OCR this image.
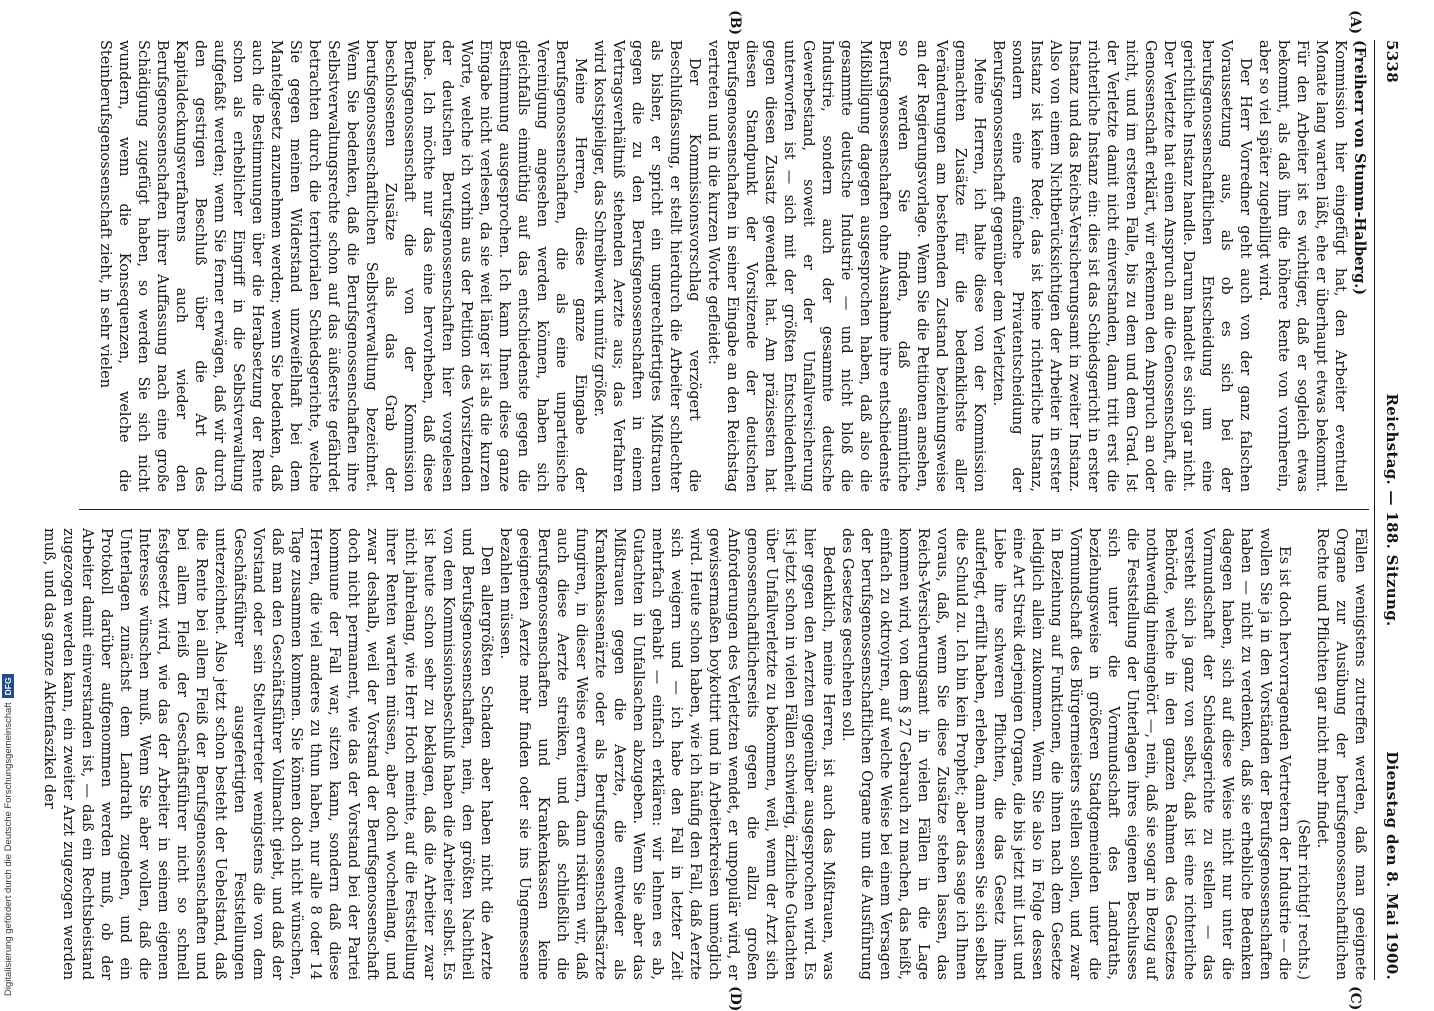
5338
Reichstag. — 188. Sitzung.
Dienstag den 8. Mai 1900.
(Freiherr von Stumm-Halberg.)

Kommission hier eingefügt hat, den Arbeiter eventuell Monate lang warten läßt, ehe er überhaupt etwas bekommt. Für den Arbeiter ist es wichtiger, daß er sogleich etwas bekommt, als daß ihm die höhere Rente von vornherein, aber so viel später zugebilligt wird.

Der Herr Vorredner geht auch von der ganz falschen Voraussetzung aus, als ob es sich bei der berufsgenossenschaftlichen Entscheidung um eine gerichtliche Instanz handle. Darum handelt es sich gar nicht. Der Verletzte hat einen Anspruch an die Genossenschaft, die Genossenschaft erklärt, wir erkennen den Anspruch an oder nicht, und im ersteren Falle, bis zu dem und dem Grad. Ist der Verletzte damit nicht einverstanden, dann tritt erst die richterliche Instanz ein: dies ist das Schiedsgericht in erster Instanz und das Reichs-Versicherungsamt in zweiter Instanz. Also von einem Nichtberücksichtigen der Arbeiter in erster Instanz ist keine Rede; das ist keine richterliche Instanz, sondern eine einfache Privatentscheidung der Berufsgenossenschaft gegenüber dem Verletzten.

Meine Herren, ich halte diese von der Kommission gemachten Zusätze für die bedenklichste aller Veränderungen am bestehenden Zustand beziehungsweise an der Regierungsvorlage. Wenn Sie die Petitionen ansehen, so werden Sie finden, daß sämmtliche Berufsgenossenschaften ohne Ausnahme ihre entschiedenste Mißbilligung dagegen ausgesprochen haben, daß also die gesammte deutsche Industrie — und nicht bloß die Industrie, sondern auch der gesammte deutsche Gewerbestand, soweit er der Unfallversicherung unterworfen ist — sich mit der größten Entschiedenheit gegen diesen Zusatz gewendet hat. Am präzisesten hat diesen Standpunkt der Vorsitzende der deutschen Berufsgenossenschaften in seiner Eingabe an den Reichstag vertreten und in die kurzen Worte gefleidet:

Der Kommissionsvorschlag verzögert die Beschlußfassung, er stellt hierdurch die Arbeiter schlechter als bisher, er spricht ein ungerechtfertigtes Mißtrauen gegen die zu den Berufsgenossenschaften in einem Vertragsverhältniß stehenden Aerzte aus; das Verfahren wird kostspieliger, das Schreibwerk unnütz größer.

Meine Herren, diese ganze Eingabe der Berufsgenossenschaften, die als eine unparteiische Vereinigung angesehen werden können, haben sich gleichfalls einmüthig auf das entschiedenste gegen die Bestimmung ausgesprochen. Ich kann Ihnen diese ganze Eingabe nicht verlesen, da sie weit länger ist als die kurzen Worte, welche ich vorhin aus der Petition des Vorsitzenden der deutschen Berufsgenossenschaften hier vorgelesen habe. Ich möchte nur das eine hervorheben, daß diese Berufsgenossenschaft die von der Kommission beschlossenen Zusätze als das Grab der berufsgenossenschaftlichen Selbstverwaltung bezeichnet. Wenn Sie bedenken, daß die Berufsgenossenschaften ihre Selbstverwaltungsrechte schon auf das äußerste gefährdet betrachten durch die territorialen Schiedsgerichte, welche Sie gegen meinen Widerstand unzweifelhaft bei dem Mantelgesetz anzunehmen werden; wenn Sie bedenken, daß auch die Bestimmungen über die Herabsetzung der Rente schon als erheblicher Eingriff in die Selbstverwaltung aufgefaßt werden; wenn Sie ferner erwägen, daß wir durch den gestrigen Beschluß über die Art des Kapitaldeckungsverfahrens auch wieder den Berufsgenossenschaften ihrer Auffassung nach eine große Schädigung zugefügt haben, so werden Sie sich nicht wundern, wenn die Konsequenzen, welche die Steinberufsgenossenschaft zieht, in sehr vielen

Fällen wenigstens zutreffen werden, daß man geeignete Organe zur Ausübung der berufsgenossenschaftlichen Rechte und Pflichten gar nicht mehr findet.

(Sehr richtig! rechts.)

Es ist doch hervorragenden Vertretern der Industrie — die wollen Sie ja in den Vorständen der Berufsgenossenschaften haben — nicht zu verdenken, daß sie erhebliche Bedenken dagegen haben, sich auf diese Weise nicht nur unter die Vormundschaft der Schiedsgerichte zu stellen — das versteht sich ja ganz von selbst, daß ist eine richterliche Behörde, welche in den ganzen Rahmen des Gesetzes nothwendig hineingehört —, nein, daß sie sogar in Bezug auf die Feststellung der Unterlagen ihres eigenen Beschlusses sich unter die Vormundschaft des Landraths, beziehungsweise in größeren Stadtgemeinden unter die Vormundschaft des Bürgermeisters stellen sollen, und zwar in Beziehung auf Funktionen, die ihnen nach dem Gesetze lediglich allein zukommen. Wenn Sie also in Folge dessen eine Art Streik derjenigen Organe, die bis jetzt mit Lust und Liebe ihre schweren Pflichten, die das Gesetz ihnen auferlegt, erfüllt haben, erleben, dann messen Sie sich selbst die Schuld zu. Ich bin kein Prophet; aber das sage ich Ihnen voraus, daß, wenn Sie diese Zusätze stehen lassen, das Reichs-Versicherungsamt in vielen Fällen in die Lage kommen wird, von dem § 27 Gebrauch zu machen, das heißt, einfach zu oktroyiren, auf welche Weise bei einem Versagen der berufsgenossenschaftlichen Organe nun die Ausführung des Gesetzes geschehen soll.

Bedenklich, meine Herren, ist auch das Mißtrauen, was hier gegen den Aerzten gegenüber ausgesprochen wird. Es ist jetzt schon in vielen Fällen schwierig, ärztliche Gutachten über Unfallverletzte zu bekommen, weil, wenn der Arzt sich genossenschaftlicherseits gegen die allzu großen Anforderungen des Verletzten wendet, er unpopulär wird, er gewissermaßen boykottirt und in Arbeiterkreisen unmöglich wird. Heute schon haben, wie ich häufig den Fall, daß Aerzte sich weigern und — ich habe den Fall in letzter Zeit mehrfach gehabt — einfach erklären: wir lehnen es ab, Gutachten in Unfallsachen abzugeben. Wenn Sie aber das Mißtrauen gegen die Aerzte, die entweder als Krankenkassenärzte oder als Berufsgenossenschaftsärzte fungiren, in dieser Weise erweitern, dann riskiren wir, daß auch diese Aerzte streiken, und daß schließlich die Berufsgenossenschaften und Krankenkassen keine geeigneten Aerzte mehr finden oder sie ins Ungemessene bezahlen müssen.

Den allergrößten Schaden aber haben nicht die Aerzte und Berufsgenossenschaften, nein, den größten Nachtheil von dem Kommissionsbeschluß haben die Arbeiter selbst. Es ist heute schon sehr zu beklagen, daß die Arbeiter zwar nicht jahrelang, wie Herr Hoch meinte, auf die Feststellung ihrer Renten warten müssen, aber doch wochenlang, und zwar deshalb, weil der Vorstand der Berufsgenossenschaft doch nicht permanent, wie das der Vorstand bei der Partei kommune der Fall war, sitzen kann, sondern daß diese Herren, die viel anderes zu thun haben, nur alle 8 oder 14 Tage zusammen kommen. Sie können doch nicht wünschen, daß man den Geschäftsführer Vollmacht giebt, und daß der Vorstand oder sein Stellvertreter wenigstens die von dem Geschäftsführer ausgefertigten Feststellungen unterzeichnet. Also jetzt schon besteht der Uebelstand, daß die Rente bei allem Fleiß der Berufsgenossenschaften und bei allem Fleiß der Geschäftsführer nicht so schnell festgesetzt wird, wie das der Arbeiter in seinem eigenen Interesse wünschen muß. Wenn Sie aber wollen, daß die Unterlagen zunächst dem Landrath zugehen, und ein Protokoll darüber aufgenommen werden muß, ob der Arbeiter damit einverstanden ist, — daß ein Rechtsbeistand zugezogen werden kann, ein zweiter Arzt zugezogen werden muß, und das ganze Aktenfaszikel der

(A)
(B)
(C)
(D)
Digitalisierung gefördert durch die Deutsche ForschungsgemeinschaftDFG
